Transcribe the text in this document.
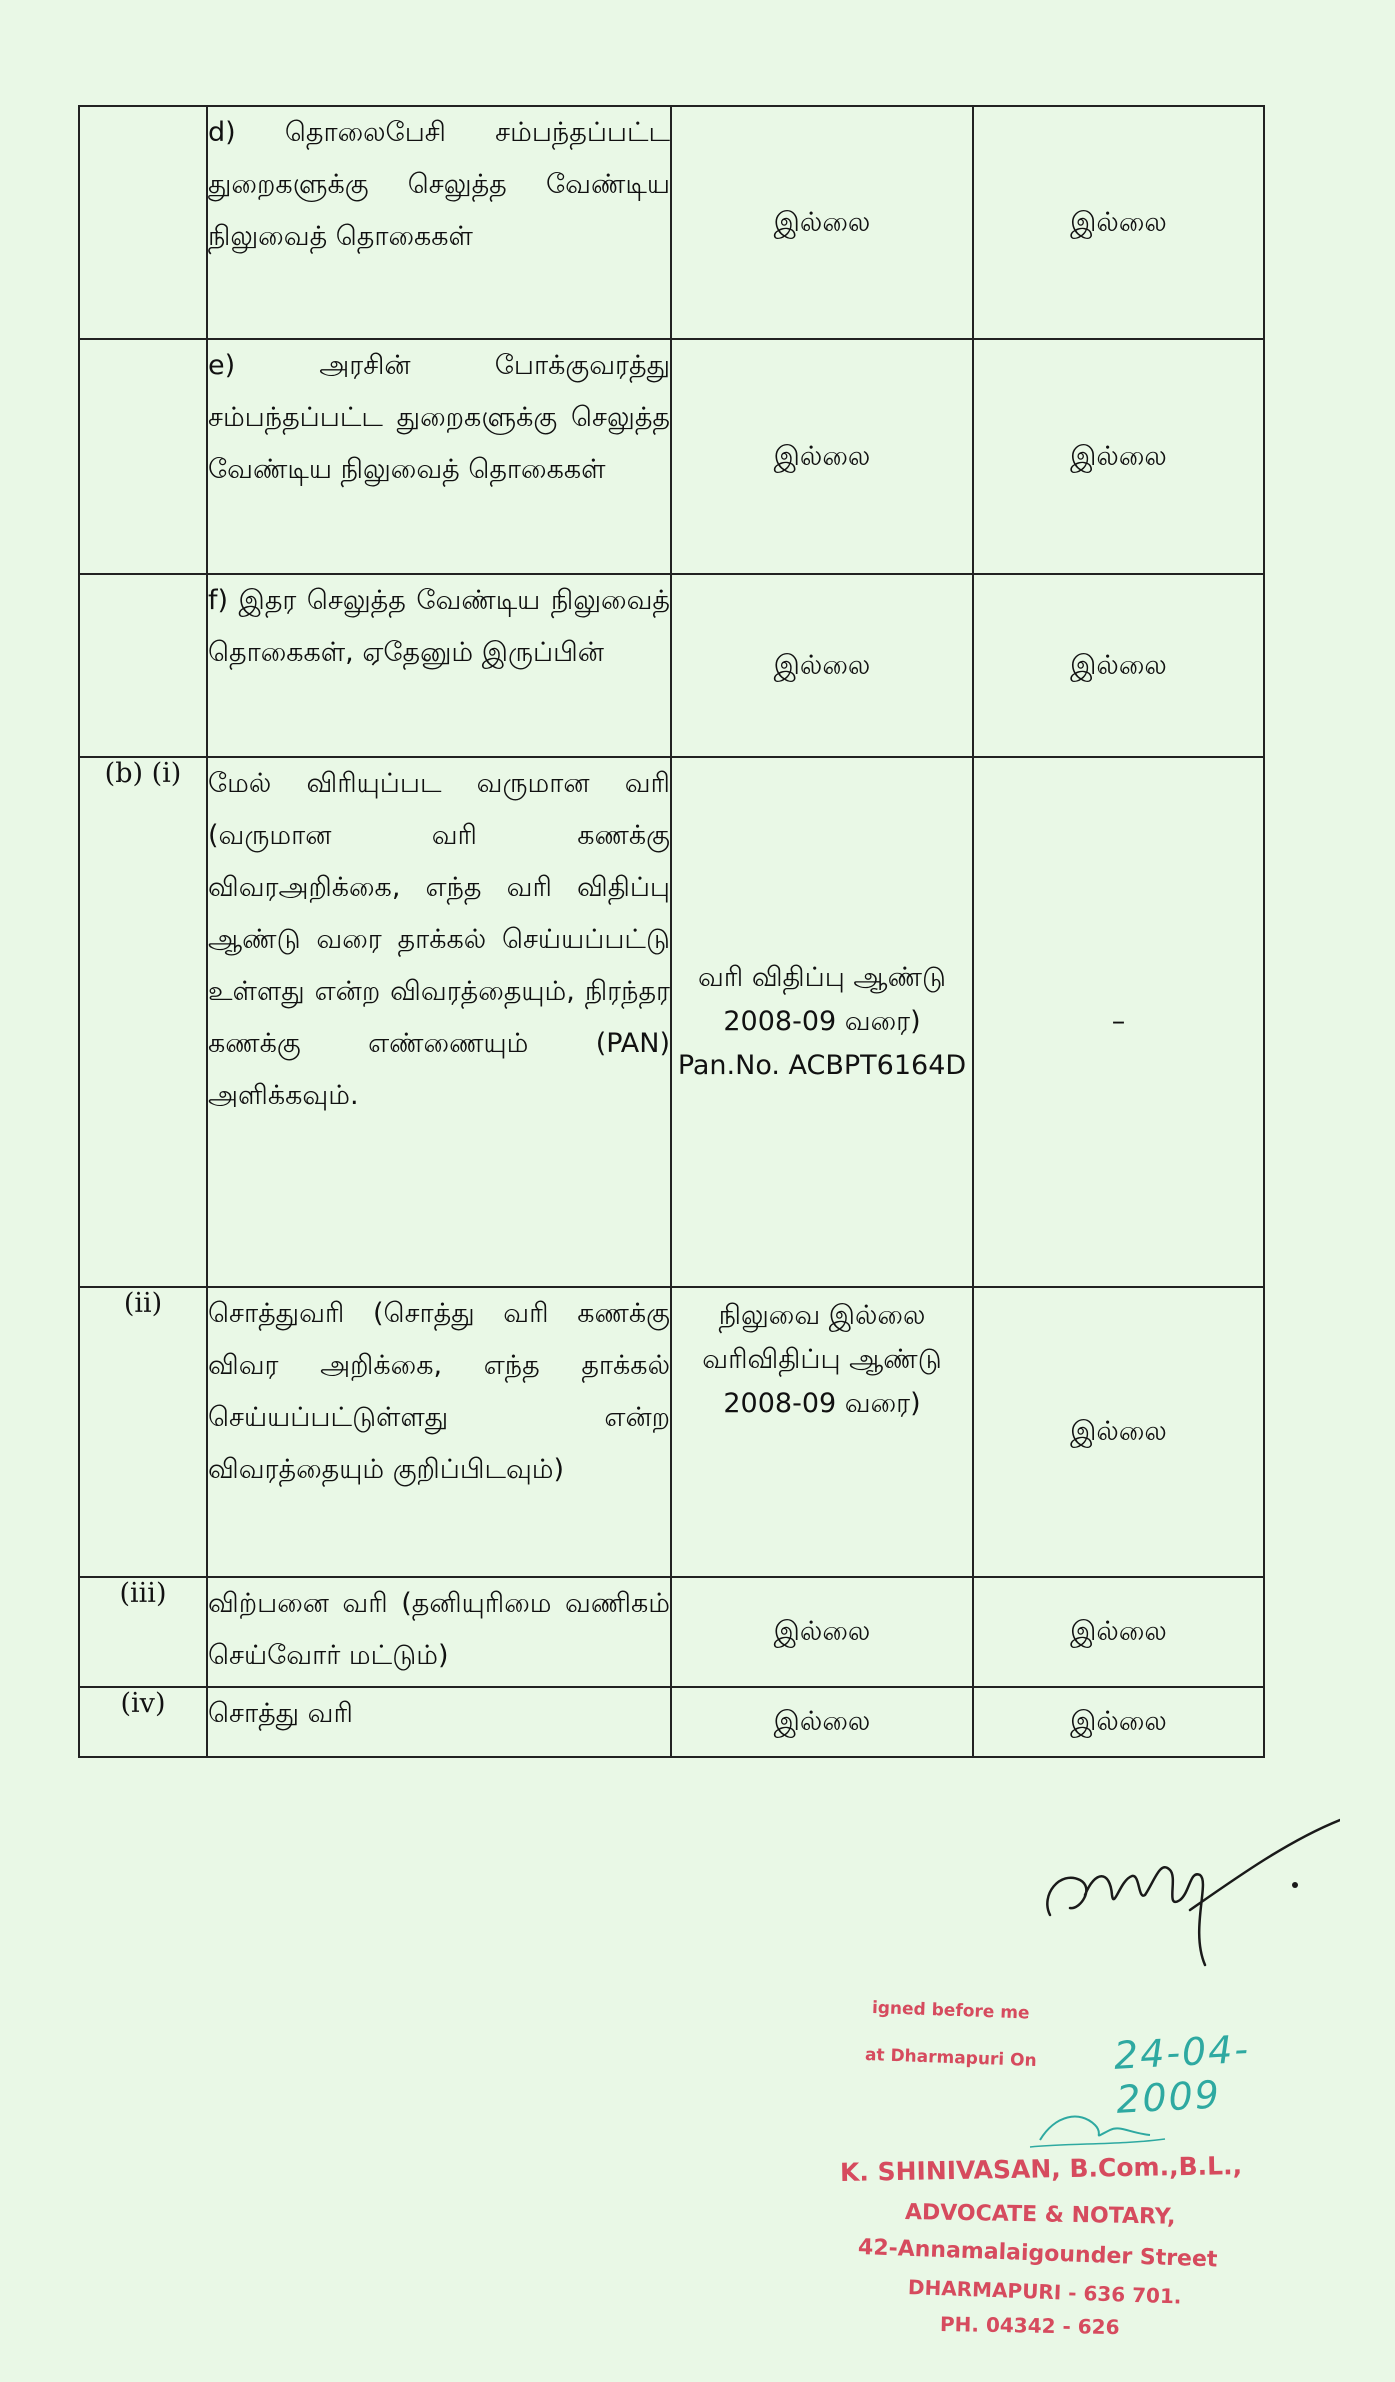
	d) தொலைபேசி சம்பந்தப்பட்ட துறைகளுக்கு செலுத்த வேண்டிய நிலுவைத் தொகைகள்	இல்லை	இல்லை
	e) அரசின் போக்குவரத்து சம்பந்தப்பட்ட துறைகளுக்கு செலுத்த வேண்டிய நிலுவைத் தொகைகள்	இல்லை	இல்லை
	f) இதர செலுத்த வேண்டிய நிலுவைத் தொகைகள், ஏதேனும் இருப்பின்	இல்லை	இல்லை
(b) (i)	மேல் விரியுப்பட வருமான வரி (வருமான வரி கணக்கு விவரஅறிக்கை, எந்த வரி விதிப்பு ஆண்டு வரை தாக்கல் செய்யப்பட்டு உள்ளது என்ற விவரத்தையும், நிரந்தர கணக்கு எண்ணையும் (PAN) அளிக்கவும்.	வரி விதிப்பு ஆண்டு 2008-09 வரை) Pan.No. ACBPT6164D	–
(ii)	சொத்துவரி (சொத்து வரி கணக்கு விவர அறிக்கை, எந்த தாக்கல் செய்யப்பட்டுள்ளது என்ற விவரத்தையும் குறிப்பிடவும்)	நிலுவை இல்லை வரிவிதிப்பு ஆண்டு 2008-09 வரை)	இல்லை
(iii)	விற்பனை வரி (தனியுரிமை வணிகம் செய்வோர் மட்டும்)	இல்லை	இல்லை
(iv)	சொத்து வரி	இல்லை	இல்லை
igned before me
at Dharmapuri On 24-04-2009
K. SHINIVASAN, B.Com.,B.L.,
ADVOCATE & NOTARY,
42-Annamalaigounder Street
DHARMAPURI - 636 701.
PH. 04342 - 626
